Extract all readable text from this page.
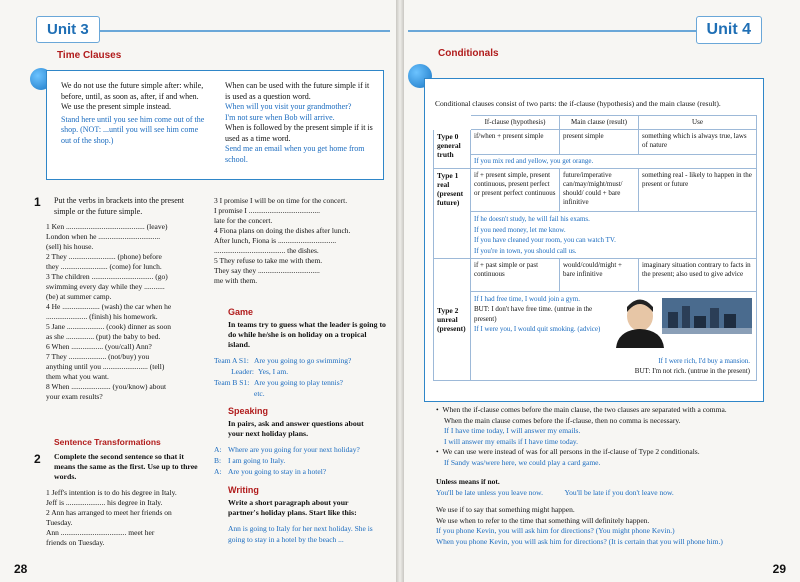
Unit 3
Time Clauses
We do not use the future simple after: while, before, until, as soon as, after, if and when. We use the present simple instead.
Stand here until you see him come out of the shop. (NOT: ...until you will see him come out of the shop.)
When can be used with the future simple if it is used as a question word.
When will you visit your grandmother?
I'm not sure when Bob will arrive.
When is followed by the present simple if it is used as a time word.
Send me an email when you get home from school.
1 Put the verbs in brackets into the present simple or the future simple.
1 Ken .......................................... (leave)
London when he .................................
(sell) his house.
2 They ......................... (phone) before
they ......................... (come) for lunch.
3 The children ................................. (go)
swimming every day while they ...........
(be) at summer camp.
4 He .................... (wash) the car when he
...................... (finish) his homework.
5 Jane .................... (cook) dinner as soon
as she ............... (put) the baby to bed.
6 When ................. (you/call) Ann?
7 They .................... (not/buy) you
anything until you ........................ (tell)
them what you want.
8 When ..................... (you/know) about
your exam results?
Sentence Transformations
2 Complete the second sentence so that it means the same as the first. Use up to three words.
1 Jeff's intention is to do his degree in Italy.
Jeff is ..................... his degree in Italy.
2 Ann has arranged to meet her friends on
Tuesday.
Ann ................................... meet her
friends on Tuesday.
3 I promise I will be on time for the concert.
I promise I ......................................
late for the concert.
4 Fiona plans on doing the dishes after lunch.
After lunch, Fiona is ...............................
...................................... the dishes.
5 They refuse to take me with them.
They say they .................................
me with them.
Game
In teams try to guess what the leader is going to do while he/she is on holiday on a tropical island.
Team A S1: Are you going to go swimming?
Leader: Yes, I am.
Team B S1: Are you going to play tennis?
etc.
Speaking
In pairs, ask and answer questions about your next holiday plans.
A: Where are you going for your next holiday?
B: I am going to Italy.
A: Are you going to stay in a hotel?
Writing
Write a short paragraph about your partner's holiday plans. Start like this:
Ann is going to Italy for her next holiday. She is going to stay in a hotel by the beach ...
28
Unit 4
Conditionals
Conditional clauses consist of two parts: the if-clause (hypothesis) and the main clause (result).
	If-clause (hypothesis)	Main clause (result)	Use
Type 0 general truth	if/when + present simple	present simple	something which is always true, laws of nature
	If you mix red and yellow, you get orange.		
Type 1 real (present future)	if + present simple, present continuous, present perfect or present perfect continuous	future/imperative can/may/might/must/ should/ could + bare infinitive	something real - likely to happen in the present or future

	If he doesn't study, he will fail his exams.
If you need money, let me know.
If you have cleaned your room, you can watch TV.
If you're in town, you should call us.		

Type 2 unreal (present)	if + past simple or past continuous	would/could/might + bare infinitive	imaginary situation contrary to facts in the present; also used to give advice

	If I had free time, I would join a gym.
BUT: I don't have free time. (untrue in the present)
If I were you, I would quit smoking. (advice)
If I were rich, I'd buy a mansion.
BUT: I'm not rich. (untrue in the present)		
•  When the if-clause comes before the main clause, the two clauses are separated with a comma.
When the main clause comes before the if-clause, then no comma is necessary.
If I have time today, I will answer my emails.
I will answer my emails if I have time today.
•  We can use were instead of was for all persons in the if-clause of Type 2 conditionals.
If Sandy was/were here, we could play a card game.
Unless means if not.
You'll be late unless you leave now.	You'll be late if you don't leave now.
We use if to say that something might happen.
We use when to refer to the time that something will definitely happen.
If you phone Kevin, you will ask him for directions? (You might phone Kevin.)
When you phone Kevin, you will ask him for directions? (It is certain that you will phone him.)
29
